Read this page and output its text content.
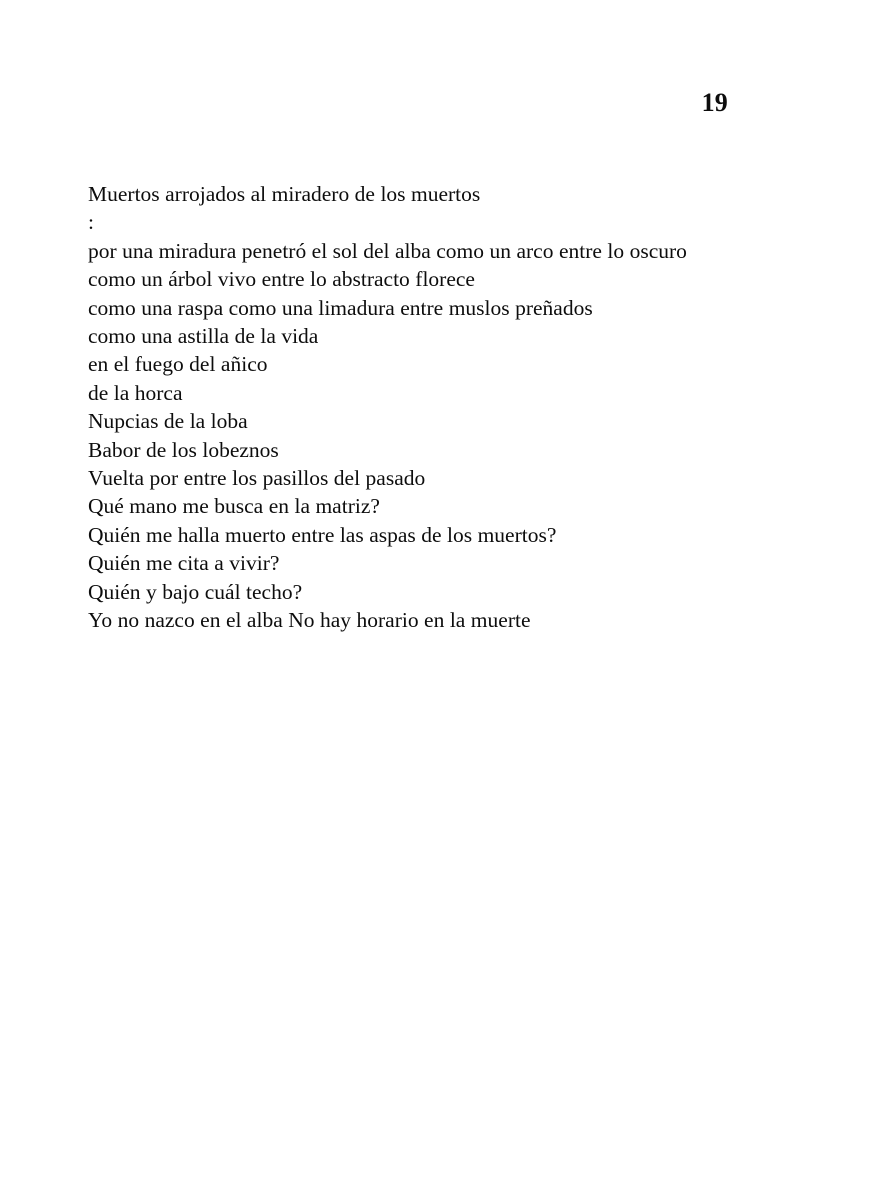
19

Muertos arrojados al miradero de los muertos

:

por una miradura penetró el sol del alba como un arco entre lo oscuro

como un árbol vivo entre lo abstracto florece

como una raspa como una limadura entre muslos preñados

como una astilla de la vida

en el fuego del añico

de la horca

Nupcias de la loba

Babor de los lobeznos

Vuelta por entre los pasillos del pasado

Qué mano me busca en la matriz?

Quién me halla muerto entre las aspas de los muertos?

Quién me cita a vivir?

Quién y bajo cuál techo?

Yo no nazco en el alba No hay horario en la muerte
